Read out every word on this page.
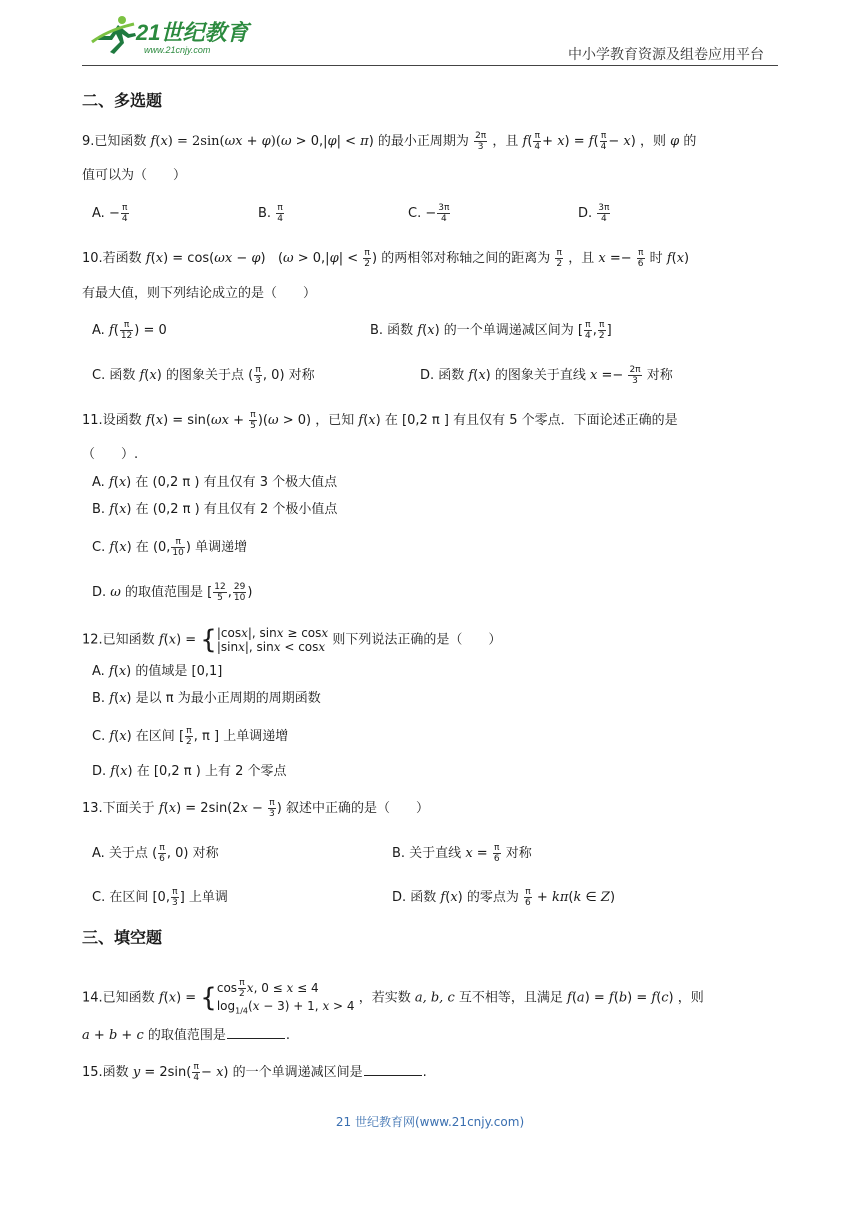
21世纪教育
www.21cnjy.com	中小学教育资源及组卷应用平台
二、多选题
9.已知函数 f(x) = 2sin(ωx + φ)(ω > 0,|φ| < π) 的最小正周期为 $\frac{2\pi}{3}$ ，且 $f( \frac{\pi}{4} + x) = f( \frac{\pi}{4} - x)$ ，则 φ 的
值可以为（　　）
A. − $\frac{\pi}{4}$	B. $\frac{\pi}{4}$	C. − $\frac{3\pi}{4}$	D. $\frac{3\pi}{4}$
10.若函数 f(x) = cos(ωx − φ)   ($\omega > 0,|\varphi| < \frac{\pi}{2}$ ) 的两相邻对称轴之间的距离为 $\frac{\pi}{2}$ ，且 $x =- \frac{\pi}{6}$ 时 f(x)
有最大值，则下列结论成立的是（　　）
A. $f( \frac{\pi}{12}$ ) = 0	B. 函数 f(x) 的一个单调递减区间为 [ $\frac{\pi}{4}$ , $\frac{\pi}{2}$ ]
C. 函数 f(x) 的图象关于点 ( $\frac{\pi}{3}$ , 0) 对称	D. 函数 f(x) 的图象关于直线 $x =- \frac{2\pi}{3}$ 对称
11.设函数 $f(x) = \sin(\omega x + \frac{\pi}{5} )(\omega > 0)$ ，已知 f(x) 在 [0,2 π ] 有且仅有 5 个零点．下面论述正确的是
（　　）.
A. f(x) 在 (0,2 π ) 有且仅有 3 个极大值点
B. f(x) 在 (0,2 π ) 有且仅有 2 个极小值点
C. f(x) 在 (0, $\frac{\pi}{10}$ ) 单调递增
D. ω 的取值范围是 [ $\frac{12}{5}$ , $\frac{29}{10}$ )
12.已知函数 f(x) = { |cosx|, sinx ≥ cosx
|sinx|, sinx < cosx 则下列说法正确的是（　　）
A. f(x) 的值域是 [0,1]
B. f(x) 是以 π 为最小正周期的周期函数
C. f(x) 在区间 [ $\frac{\pi}{2}$ , π ] 上单调递增
D. f(x) 在 [0,2 π ) 上有 2 个零点
13.下面关于 $f(x) = 2\sin(2x - \frac{\pi}{3}$ ) 叙述中正确的是（　　）
A. 关于点 ( $\frac{\pi}{6}$ , 0) 对称	B. 关于直线 $x = \frac{\pi}{6}$ 对称
C. 在区间 [0, $\frac{\pi}{3}$ ] 上单调	D. 函数 f(x) 的零点为 $\frac{\pi}{6} + k\pi(k$ ∈ Z)
三、填空题
14.已知函数 f(x) = { $\cos \frac{\pi}{2} x$, 0 ≤ x ≤ 4
$\log_{1/4}(x - 3) + 1$, x > 4
，若实数 a, b, c 互不相等，且满足 f(a) = f(b) = f(c) ，则
a + b + c 的取值范围是	.
15.函数 $y = 2\sin( \frac{\pi}{4} - x)$ 的一个单调递减区间是	.
21 世纪教育网(www.21cnjy.com)
